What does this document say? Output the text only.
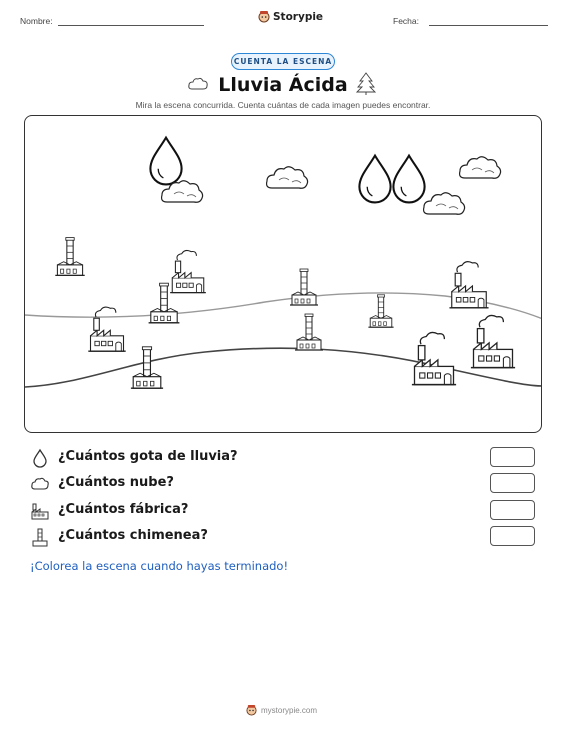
Nombre:	Fecha:
Storypie
CUENTA LA ESCENA
Lluvia Ácida
Mira la escena concurrida. Cuenta cuántas de cada imagen puedes encontrar.
¿Cuántos gota de lluvia?
¿Cuántos nube?
¿Cuántos fábrica?
¿Cuántos chimenea?
¡Colorea la escena cuando hayas terminado!
mystorypie.com
